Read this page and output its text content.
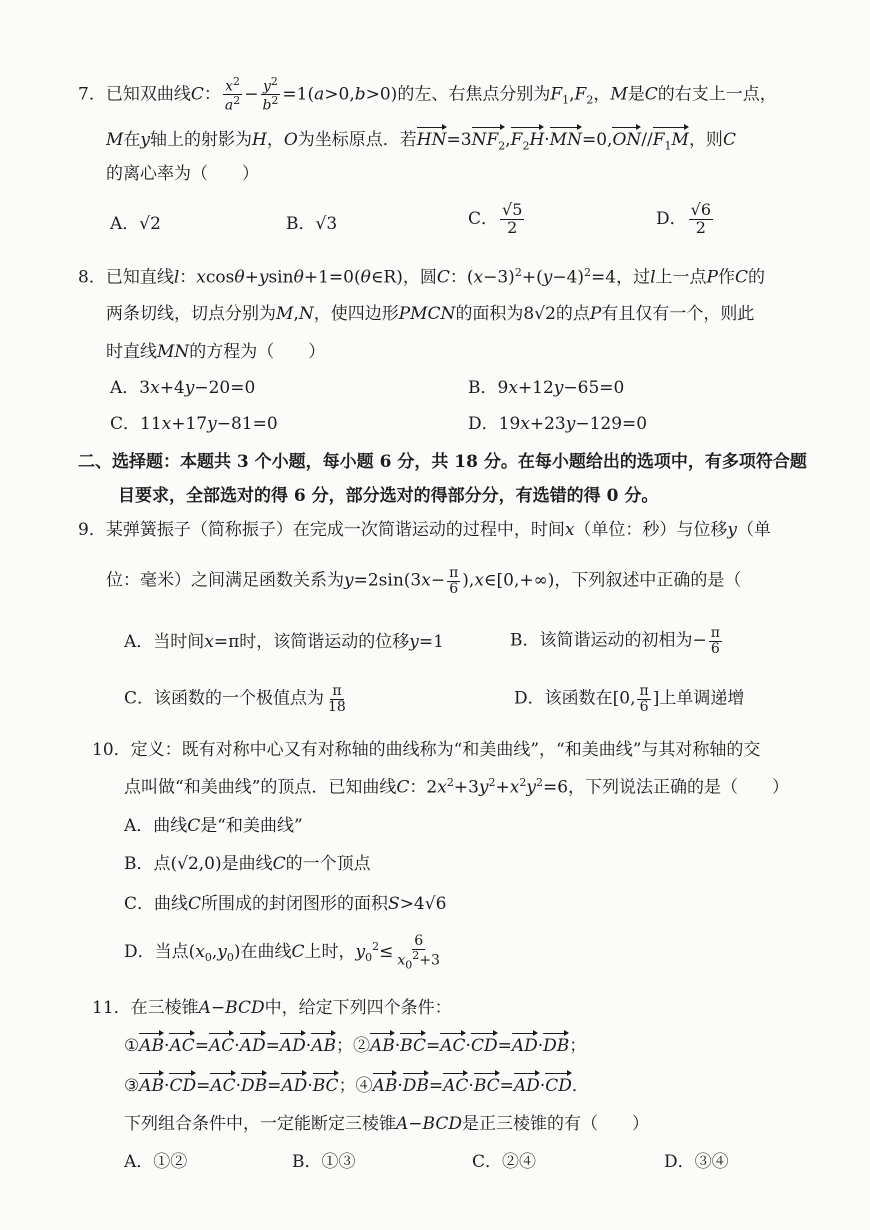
7．已知双曲线C： $\frac{x^2}{a^2} - \frac{y^2}{b^2} =1(a>0,b>0)$的左、右焦点分别为$F_1,F_2$，M是C的右支上一点，
M在y轴上的射影为H，O为坐标原点．若$HN=3NF_2,F_2H\cdot MN=0,ON//F_1M$，则C
的离心率为（　　）
A．√2	B．√3	C． $\frac{√5}{2}$	D． $\frac{√6}{2}$
8．已知直线l：xcosθ+ysinθ+1=0(θ∈R)，圆C：$(x-3)^2+(y-4)^2=4$，过l上一点P作C的
两条切线，切点分别为M,N，使四边形PMCN的面积为8√2的点P有且仅有一个，则此
时直线MN的方程为（　　）
A．3x+4y−20=0	B．9x+12y−65=0
C．11x+17y−81=0	D．19x+23y−129=0
二、选择题：本题共 3 个小题，每小题 6 分，共 18 分。在每小题给出的选项中，有多项符合题
目要求，全部选对的得 6 分，部分选对的得部分分，有选错的得 0 分。
9．某弹簧振子（简称振子）在完成一次简谐运动的过程中，时间x（单位：秒）与位移y（单
位：毫米）之间满足函数关系为$y=2\sin(3x- \frac{\pi}{6}$ ),x∈[0,+∞)，下列叙述中正确的是（
A．当时间x=π时，该简谐运动的位移y=1	B．该简谐运动的初相为− $\frac{\pi}{6}$
C．该函数的一个极值点为 $\frac{\pi}{18}$	D．该函数在[0, $\frac{\pi}{6}$ ]上单调递增
10．定义：既有对称中心又有对称轴的曲线称为“和美曲线”，“和美曲线”与其对称轴的交
点叫做“和美曲线”的顶点．已知曲线C：$2x^2+3y^2+x^2y^2=6$，下列说法正确的是（　　）
A．曲线C是“和美曲线”
B．点(√2,0)是曲线C的一个顶点
C．曲线C所围成的封闭图形的面积S>4√6
D．当点$(x_0,y_0)$在曲线C上时，$y_0^2\le \frac{6}{x_0^2+3}$
11．在三棱锥A−BCD中，给定下列四个条件：
①AB·AC=AC·AD=AD·AB；②AB·BC=AC·CD=AD·DB；
③AB·CD=AC·DB=AD·BC；④AB·DB=AC·BC=AD·CD．
下列组合条件中，一定能断定三棱锥A−BCD是正三棱锥的有（　　）
A．①②	B．①③	C．②④	D．③④
